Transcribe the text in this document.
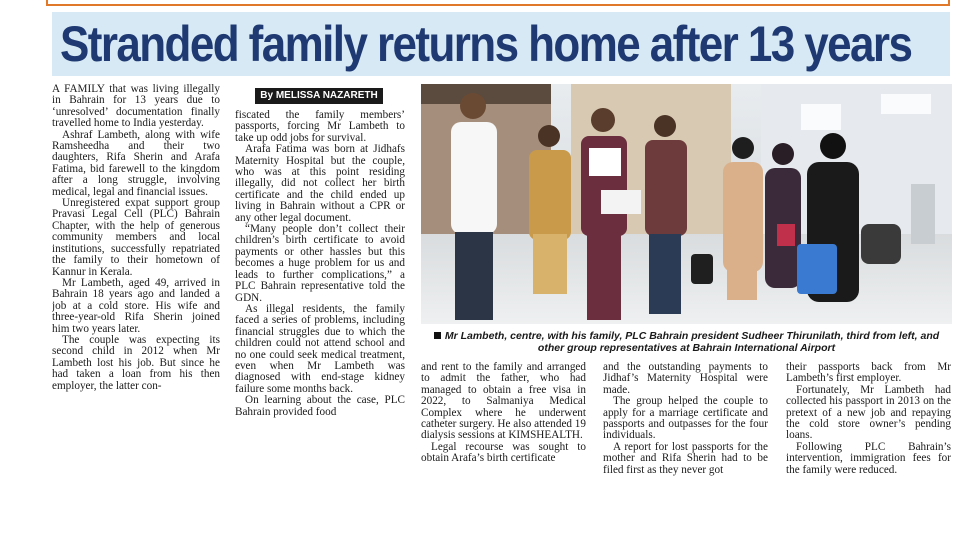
Stranded family returns home after 13 years

A FAMILY that was living illegally in Bahrain for 13 years due to ‘unresolved’ documentation finally travelled home to India yesterday.

Ashraf Lambeth, along with wife Ramsheedha and their two daughters, Rifa Sherin and Arafa Fatima, bid farewell to the kingdom after a long struggle, involving medical, legal and financial issues.

Unregistered expat support group Pravasi Legal Cell (PLC) Bahrain Chapter, with the help of generous community members and local institutions, successfully repatriated the family to their hometown of Kannur in Kerala.

Mr Lambeth, aged 49, arrived in Bahrain 18 years ago and landed a job at a cold store. His wife and three-year-old Rifa Sherin joined him two years later.

The couple was expecting its second child in 2012 when Mr Lambeth lost his job. But since he had taken a loan from his then employer, the latter con-

By MELISSA NAZARETH

fiscated the family members’ passports, forcing Mr Lambeth to take up odd jobs for survival.

Arafa Fatima was born at Jidhafs Maternity Hospital but the couple, who was at this point residing illegally, did not collect her birth certificate and the child ended up living in Bahrain without a CPR or any other legal document.

“Many people don’t collect their children’s birth certificate to avoid payments or other hassles but this becomes a huge problem for us and leads to further complications,” a PLC Bahrain representative told the GDN.

As illegal residents, the family faced a series of problems, including financial struggles due to which the children could not attend school and no one could seek medical treatment, even when Mr Lambeth was diagnosed with end-stage kidney failure some months back.

On learning about the case, PLC Bahrain provided food

Mr Lambeth, centre, with his family, PLC Bahrain president Sudheer Thirunilath, third from left, and other group representatives at Bahrain International Airport

and rent to the family and arranged to admit the father, who had managed to obtain a free visa in 2022, to Salmaniya Medical Complex where he underwent catheter surgery. He also attended 19 dialysis sessions at KIMSHEALTH.

Legal recourse was sought to obtain Arafa’s birth certificate

and the outstanding payments to Jidhaf’s Maternity Hospital were made.

The group helped the couple to apply for a marriage certificate and passports and outpasses for the four individuals.

A report for lost passports for the mother and Rifa Sherin had to be filed first as they never got

their passports back from Mr Lambeth’s first employer.

Fortunately, Mr Lambeth had collected his passport in 2013 on the pretext of a new job and repaying the cold store owner’s pending loans.

Following PLC Bahrain’s intervention, immigration fees for the family were reduced.
